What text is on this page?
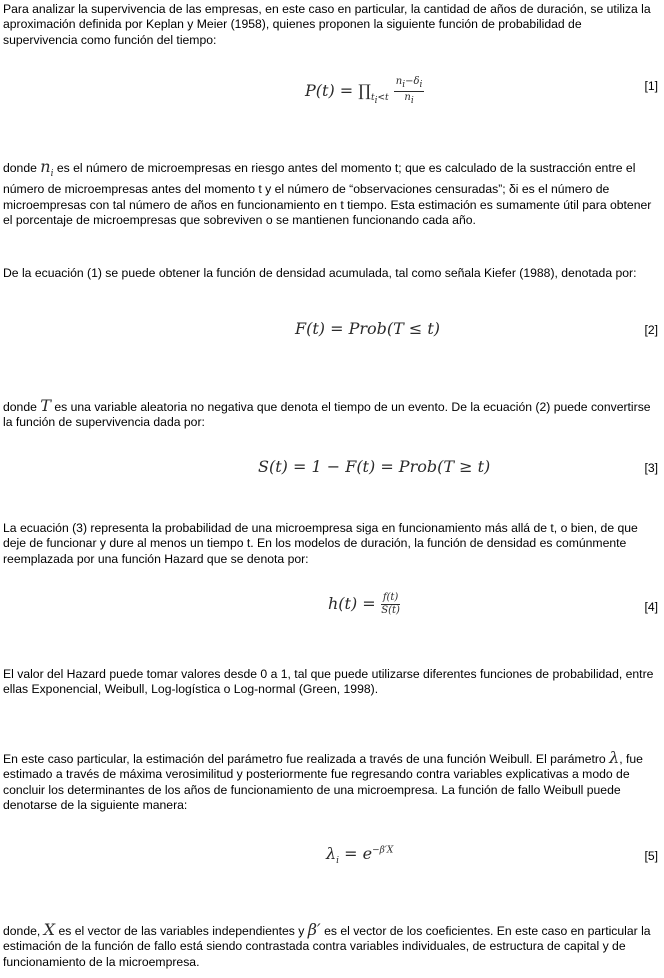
Para analizar la supervivencia de las empresas, en este caso en particular, la cantidad de años de duración, se utiliza la aproximación definida por Keplan y Meier (1958), quienes proponen la siguiente función de probabilidad de supervivencia como función del tiempo:

$P(t) = \prod_{t_i<t} \frac{n_i-\delta_i}{n_i}$	[1]

donde $n_i$ es el número de microempresas en riesgo antes del momento t; que es calculado de la sustracción entre el número de microempresas antes del momento t y el número de “observaciones censuradas”; δi es el número de microempresas con tal número de años en funcionamiento en t tiempo. Esta estimación es sumamente útil para obtener el porcentaje de microempresas que sobreviven o se mantienen funcionando cada año.

De la ecuación (1) se puede obtener la función de densidad acumulada, tal como señala Kiefer (1988), denotada por:

F(t) = Prob(T ≤ t)	[2]

donde T es una variable aleatoria no negativa que denota el tiempo de un evento. De la ecuación (2) puede convertirse la función de supervivencia dada por:

S(t) = 1 − F(t) = Prob(T ≥ t)	[3]

La ecuación (3) representa la probabilidad de una microempresa siga en funcionamiento más allá de t, o bien, de que deje de funcionar y dure al menos un tiempo t. En los modelos de duración, la función de densidad es comúnmente reemplazada por una función Hazard que se denota por:

$h(t) = \frac{f(t)}{S(t)}$	[4]

El valor del Hazard puede tomar valores desde 0 a 1, tal que puede utilizarse diferentes funciones de probabilidad, entre ellas Exponencial, Weibull, Log-logística o Log-normal (Green, 1998).

En este caso particular, la estimación del parámetro fue realizada a través de una función Weibull. El parámetro λ, fue estimado a través de máxima verosimilitud y posteriormente fue regresando contra variables explicativas a modo de concluir los determinantes de los años de funcionamiento de una microempresa. La función de fallo Weibull puede denotarse de la siguiente manera:

$\lambda_i = e^{-\beta'X}$	[5]

donde, X es el vector de las variables independientes y β′ es el vector de los coeficientes. En este caso en particular la estimación de la función de fallo está siendo contrastada contra variables individuales, de estructura de capital y de funcionamiento de la microempresa.
